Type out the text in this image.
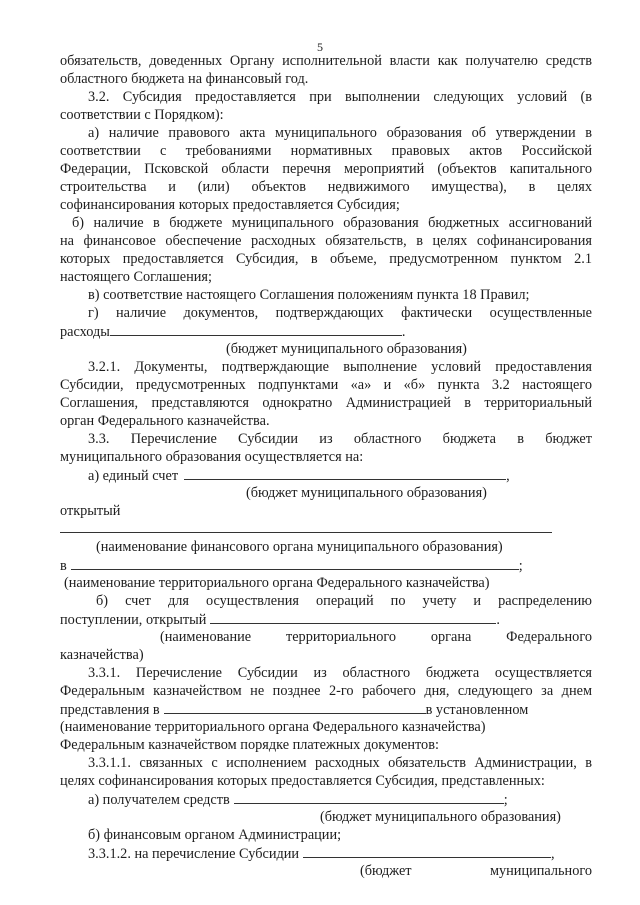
5
обязательств, доведенных Органу исполнительной власти как получателю средств
областного бюджета на финансовый год.
3.2. Субсидия предоставляется при выполнении следующих условий (в
соответствии с Порядком):
а) наличие правового акта муниципального образования об утверждении в
соответствии с требованиями нормативных правовых актов Российской
Федерации, Псковской области перечня мероприятий (объектов капитального
строительства и (или) объектов недвижимого имущества), в целях
софинансирования которых предоставляется Субсидия;
б) наличие в бюджете муниципального образования бюджетных ассигнований
на финансовое обеспечение расходных обязательств, в целях софинансирования
которых предоставляется Субсидия, в объеме, предусмотренном пунктом 2.1
настоящего Соглашения;
в) соответствие настоящего Соглашения положениям пункта 18 Правил;
г) наличие документов, подтверждающих фактически осуществленные
расходы	.
(бюджет муниципального образования)
3.2.1. Документы, подтверждающие выполнение условий предоставления
Субсидии, предусмотренных подпунктами «а» и «б» пункта 3.2 настоящего
Соглашения, представляются однократно Администрацией в территориальный
орган Федерального казначейства.
3.3. Перечисление Субсидии из областного бюджета в бюджет
муниципального образования осуществляется на:
а) единый счет	,
(бюджет муниципального образования)
открытый
(наименование финансового органа муниципального образования)
в	;
(наименование территориального органа Федерального казначейства)
б) счет для осуществления операций по учету и распределению
поступлении, открытый	.
(наименование территориального органа Федерального
казначейства)
3.3.1. Перечисление Субсидии из областного бюджета осуществляется
Федеральным казначейством не позднее 2-го рабочего дня, следующего за днем
представления в	в установленном
(наименование территориального органа Федерального казначейства)
Федеральным казначейством порядке платежных документов:
3.3.1.1. связанных с исполнением расходных обязательств Администрации, в
целях софинансирования которых предоставляется Субсидия, представленных:
а) получателем средств	;
(бюджет муниципального образования)
б) финансовым органом Администрации;
3.3.1.2. на перечисление Субсидии	,
(бюджет муниципального
